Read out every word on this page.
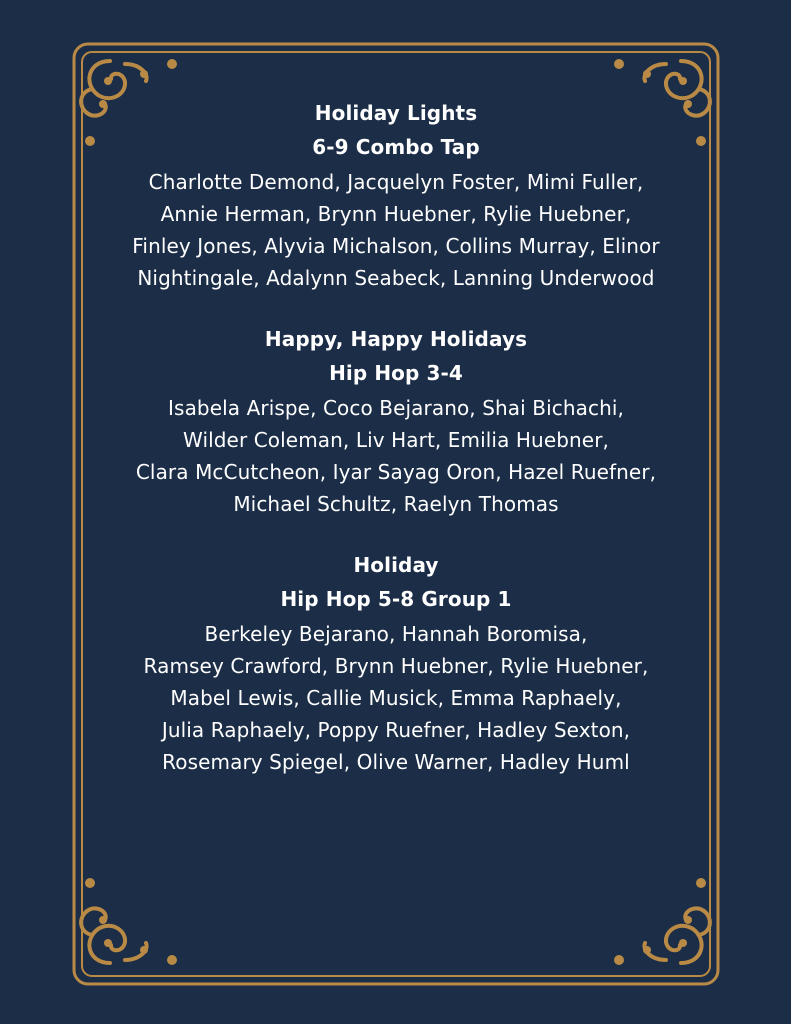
Holiday Lights
6-9 Combo Tap
Charlotte Demond, Jacquelyn Foster, Mimi Fuller,
Annie Herman, Brynn Huebner, Rylie Huebner,
Finley Jones, Alyvia Michalson, Collins Murray, Elinor
Nightingale, Adalynn Seabeck, Lanning Underwood
Happy, Happy Holidays
Hip Hop 3-4
Isabela Arispe, Coco Bejarano, Shai Bichachi,
Wilder Coleman, Liv Hart, Emilia Huebner,
Clara McCutcheon, Iyar Sayag Oron, Hazel Ruefner,
Michael Schultz, Raelyn Thomas
Holiday
Hip Hop 5-8 Group 1
Berkeley Bejarano, Hannah Boromisa,
Ramsey Crawford, Brynn Huebner, Rylie Huebner,
Mabel Lewis, Callie Musick, Emma Raphaely,
Julia Raphaely, Poppy Ruefner, Hadley Sexton,
Rosemary Spiegel, Olive Warner, Hadley Huml
